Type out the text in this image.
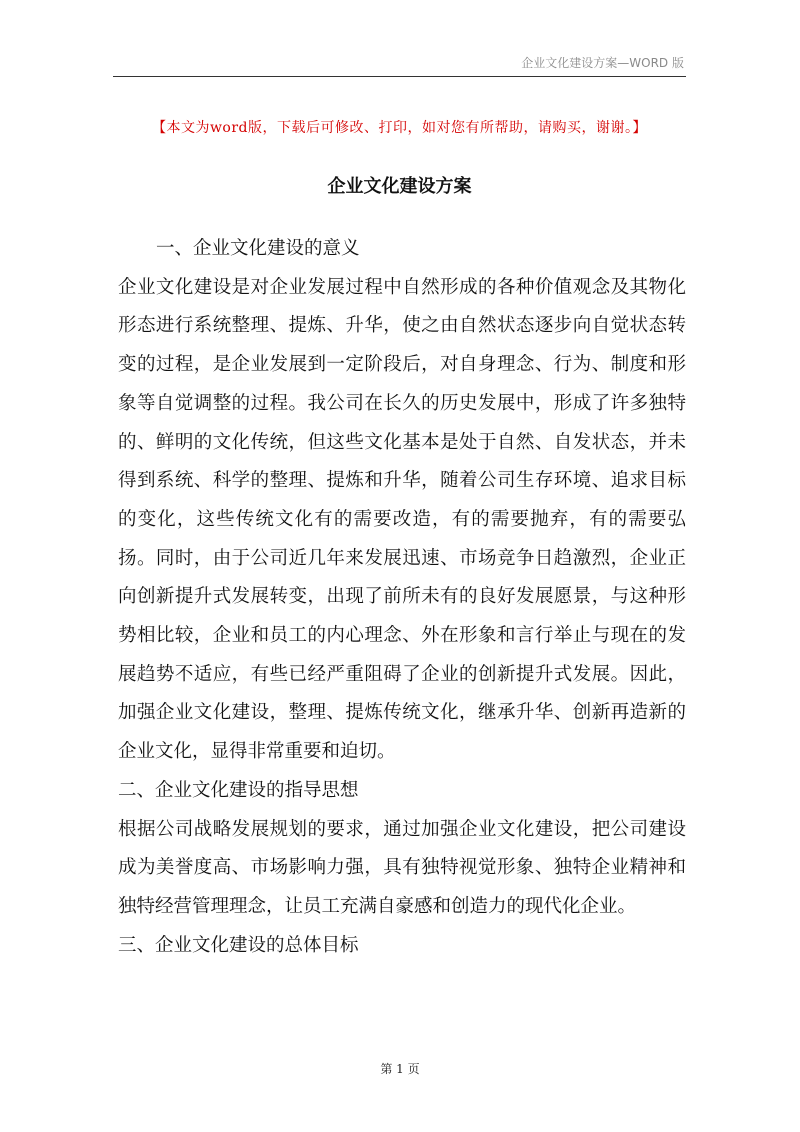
企业文化建设方案—WORD 版
【本文为word版，下载后可修改、打印，如对您有所帮助，请购买，谢谢。】
企业文化建设方案

一、企业文化建设的意义

企业文化建设是对企业发展过程中自然形成的各种价值观念及其物化形态进行系统整理、提炼、升华，使之由自然状态逐步向自觉状态转变的过程，是企业发展到一定阶段后，对自身理念、行为、制度和形象等自觉调整的过程。我公司在长久的历史发展中，形成了许多独特的、鲜明的文化传统，但这些文化基本是处于自然、自发状态，并未得到系统、科学的整理、提炼和升华，随着公司生存环境、追求目标的变化，这些传统文化有的需要改造，有的需要抛弃，有的需要弘扬。同时，由于公司近几年来发展迅速、市场竞争日趋激烈，企业正向创新提升式发展转变，出现了前所未有的良好发展愿景，与这种形势相比较，企业和员工的内心理念、外在形象和言行举止与现在的发展趋势不适应，有些已经严重阻碍了企业的创新提升式发展。因此，加强企业文化建设，整理、提炼传统文化，继承升华、创新再造新的企业文化，显得非常重要和迫切。

二、企业文化建设的指导思想

根据公司战略发展规划的要求，通过加强企业文化建设，把公司建设成为美誉度高、市场影响力强，具有独特视觉形象、独特企业精神和独特经营管理理念，让员工充满自豪感和创造力的现代化企业。

三、企业文化建设的总体目标

第 1 页
